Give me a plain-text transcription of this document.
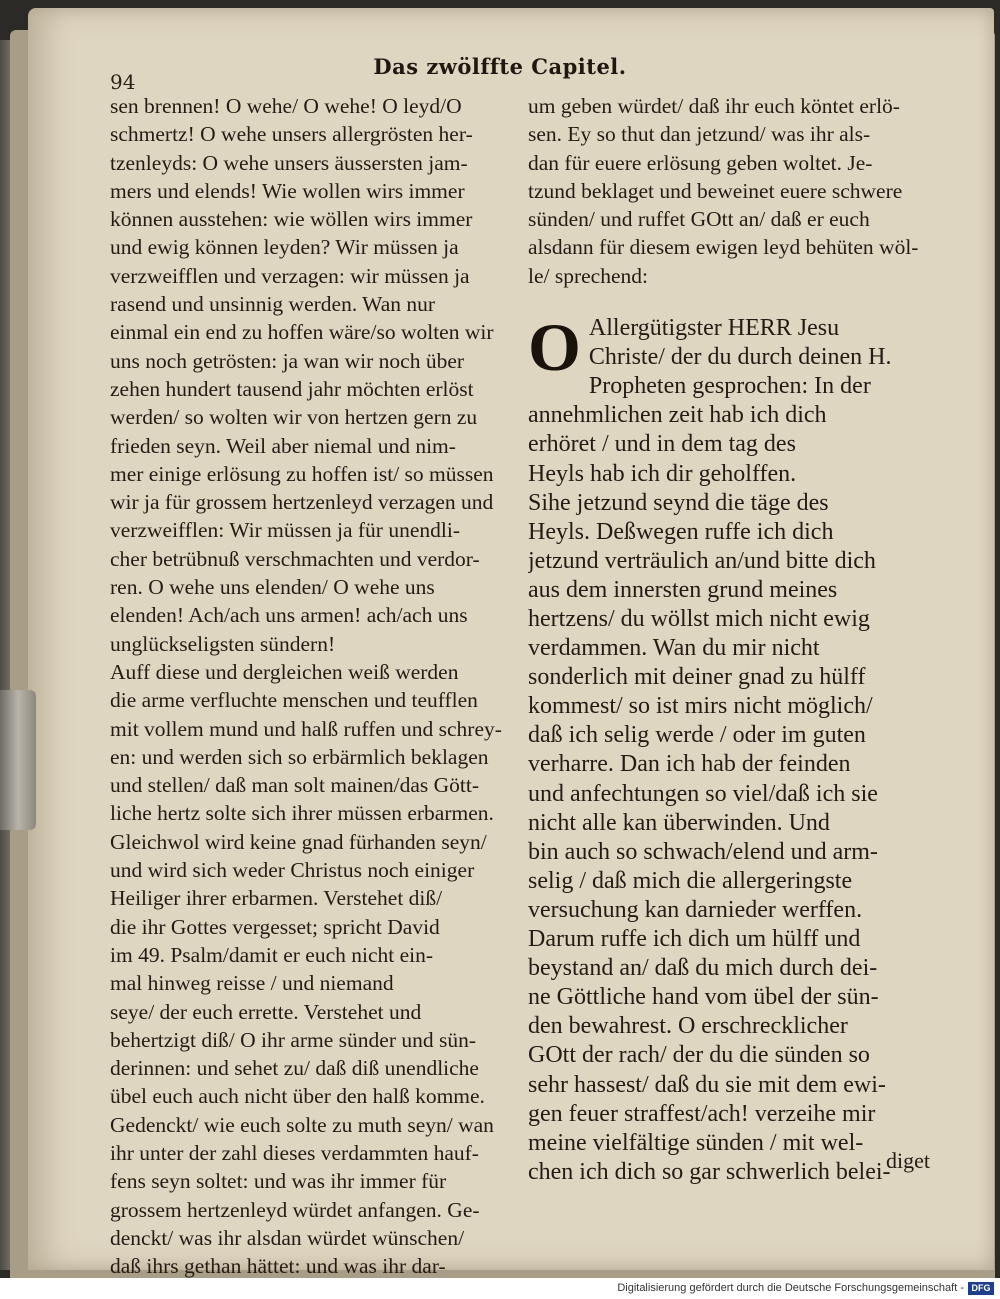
94
Das zwölffte Capitel.
sen brennen! O wehe/ O wehe! O leyd/O
schmertz! O wehe unsers allergrösten her-
tzenleyds: O wehe unsers äussersten jam-
mers und elends! Wie wollen wirs immer
können ausstehen: wie wöllen wirs immer
und ewig können leyden? Wir müssen ja
verzweifflen und verzagen: wir müssen ja
rasend und unsinnig werden. Wan nur
einmal ein end zu hoffen wäre/so wolten wir
uns noch getrösten: ja wan wir noch über
zehen hundert tausend jahr möchten erlöst
werden/ so wolten wir von hertzen gern zu
frieden seyn. Weil aber niemal und nim-
mer einige erlösung zu hoffen ist/ so müssen
wir ja für grossem hertzenleyd verzagen und
verzweifflen: Wir müssen ja für unendli-
cher betrübnuß verschmachten und verdor-
ren. O wehe uns elenden/ O wehe uns
elenden! Ach/ach uns armen! ach/ach uns
unglückseligsten sündern!
Auff diese und dergleichen weiß werden
die arme verfluchte menschen und teufflen
mit vollem mund und halß ruffen und schrey-
en: und werden sich so erbärmlich beklagen
und stellen/ daß man solt mainen/das Gött-
liche hertz solte sich ihrer müssen erbarmen.
Gleichwol wird keine gnad fürhanden seyn/
und wird sich weder Christus noch einiger
Heiliger ihrer erbarmen. Verstehet diß/
die ihr Gottes vergesset; spricht David
im 49. Psalm/damit er euch nicht ein-
mal hinweg reisse / und niemand
seye/ der euch errette. Verstehet und
behertzigt diß/ O ihr arme sünder und sün-
derinnen: und sehet zu/ daß diß unendliche
übel euch auch nicht über den halß komme.
Gedenckt/ wie euch solte zu muth seyn/ wan
ihr unter der zahl dieses verdammten hauf-
fens seyn soltet: und was ihr immer für
grossem hertzenleyd würdet anfangen. Ge-
denckt/ was ihr alsdan würdet wünschen/
daß ihrs gethan hättet: und was ihr dar-
um geben würdet/ daß ihr euch köntet erlö-
sen. Ey so thut dan jetzund/ was ihr als-
dan für euere erlösung geben woltet. Je-
tzund beklaget und beweinet euere schwere
sünden/ und ruffet GOtt an/ daß er euch
alsdann für diesem ewigen leyd behüten wöl-
le/ sprechend:
O Allergütigster HERR Jesu
Christe/ der du durch deinen H.
Propheten gesprochen: In der
annehmlichen zeit hab ich dich
erhöret / und in dem tag des
Heyls hab ich dir geholffen.
Sihe jetzund seynd die täge des
Heyls. Deßwegen ruffe ich dich
jetzund verträulich an/und bitte dich
aus dem innersten grund meines
hertzens/ du wöllst mich nicht ewig
verdammen. Wan du mir nicht
sonderlich mit deiner gnad zu hülff
kommest/ so ist mirs nicht möglich/
daß ich selig werde / oder im guten
verharre. Dan ich hab der feinden
und anfechtungen so viel/daß ich sie
nicht alle kan überwinden. Und
bin auch so schwach/elend und arm-
selig / daß mich die allergeringste
versuchung kan darnieder werffen.
Darum ruffe ich dich um hülff und
beystand an/ daß du mich durch dei-
ne Göttliche hand vom übel der sün-
den bewahrest. O erschrecklicher
GOtt der rach/ der du die sünden so
sehr hassest/ daß du sie mit dem ewi-
gen feuer straffest/ach! verzeihe mir
meine vielfältige sünden / mit wel-
chen ich dich so gar schwerlich belei-
diget
Digitalisierung gefördert durch die Deutsche Forschungsgemeinschaft - DFG
